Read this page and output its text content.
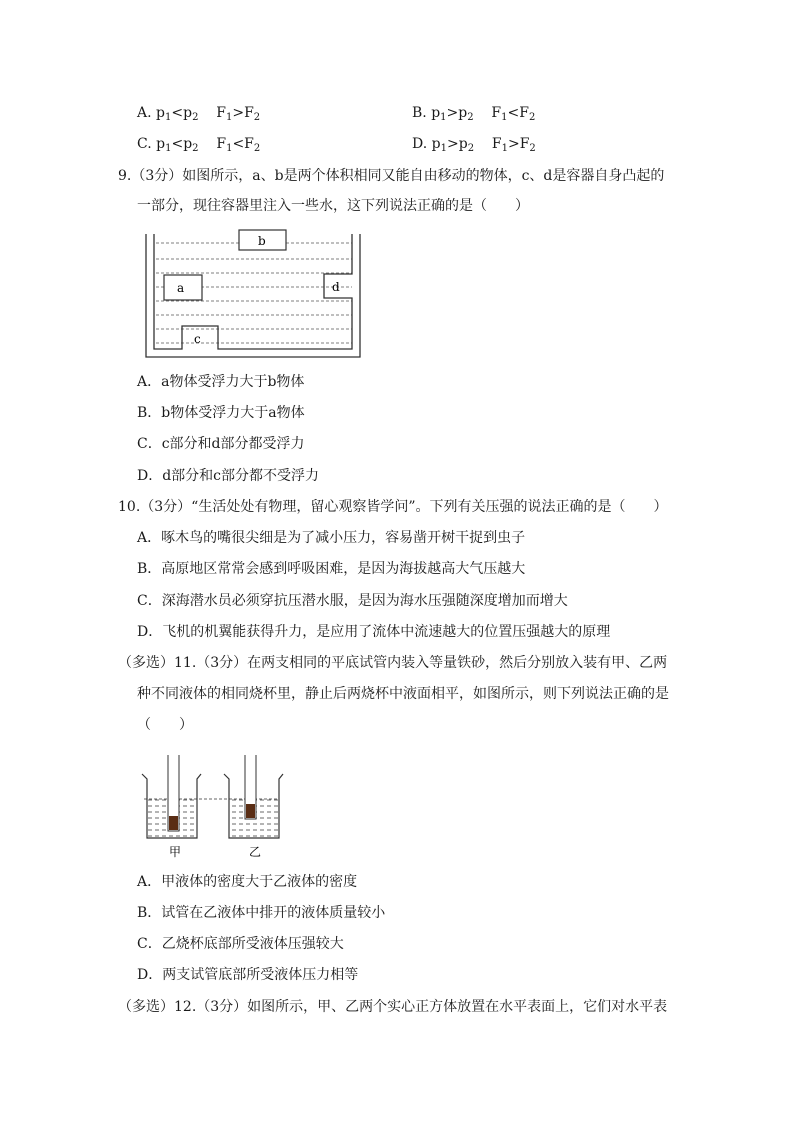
A. $p_1<p_2$    $F_1>F_2$	B. $p_1>p_2$    $F_1<F_2$
C. $p_1<p_2$    $F_1<F_2$	D. $p_1>p_2$    $F_1>F_2$
9.（3分）如图所示，a、b是两个体积相同又能自由移动的物体，c、d是容器自身凸起的
一部分，现往容器里注入一些水，这下列说法正确的是（　　）
b
a	d
c
A．a物体受浮力大于b物体
B．b物体受浮力大于a物体
C．c部分和d部分都受浮力
D．d部分和c部分都不受浮力
10.（3分）“生活处处有物理，留心观察皆学问”。下列有关压强的说法正确的是（　　）
A．啄木鸟的嘴很尖细是为了减小压力，容易凿开树干捉到虫子
B．高原地区常常会感到呼吸困难，是因为海拔越高大气压越大
C．深海潜水员必须穿抗压潜水服，是因为海水压强随深度增加而增大
D．飞机的机翼能获得升力，是应用了流体中流速越大的位置压强越大的原理
（多选）11.（3分）在两支相同的平底试管内装入等量铁砂，然后分别放入装有甲、乙两
种不同液体的相同烧杯里，静止后两烧杯中液面相平，如图所示，则下列说法正确的是
（　　）
甲	乙
A．甲液体的密度大于乙液体的密度
B．试管在乙液体中排开的液体质量较小
C．乙烧杯底部所受液体压强较大
D．两支试管底部所受液体压力相等
（多选）12.（3分）如图所示，甲、乙两个实心正方体放置在水平表面上，它们对水平表
